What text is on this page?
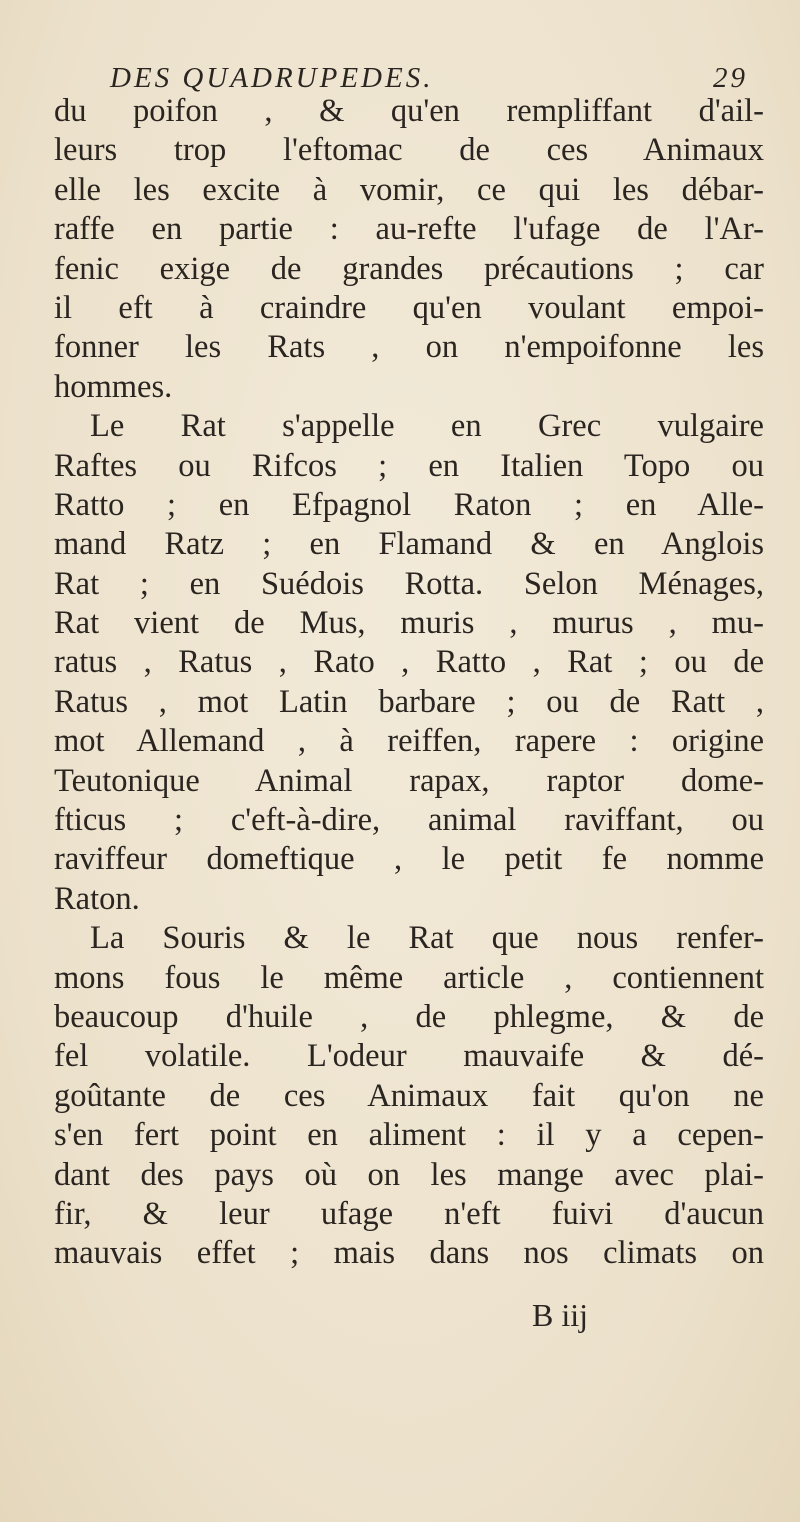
DES QUADRUPEDES.	29
du poifon , & qu'en rempliffant d'ail-
leurs trop l'eftomac de ces Animaux
elle les excite à vomir, ce qui les débar-
raffe en partie : au-refte l'ufage de l'Ar-
fenic exige de grandes précautions ; car
il eft à craindre qu'en voulant empoi-
fonner les Rats , on n'empoifonne les
hommes.
Le Rat s'appelle en Grec vulgaire
Raftes ou Rifcos ; en Italien Topo ou
Ratto ; en Efpagnol Raton ; en Alle-
mand Ratz ; en Flamand & en Anglois
Rat ; en Suédois Rotta. Selon Ménages,
Rat vient de Mus, muris , murus , mu-
ratus , Ratus , Rato , Ratto , Rat ; ou de
Ratus , mot Latin barbare ; ou de Ratt ,
mot Allemand , à reiffen, rapere : origine
Teutonique Animal rapax, raptor dome-
fticus ; c'eft-à-dire, animal raviffant, ou
raviffeur domeftique , le petit fe nomme
Raton.
La Souris & le Rat que nous renfer-
mons fous le même article , contiennent
beaucoup d'huile , de phlegme, & de
fel volatile. L'odeur mauvaife & dé-
goûtante de ces Animaux fait qu'on ne
s'en fert point en aliment : il y a cepen-
dant des pays où on les mange avec plai-
fir, & leur ufage n'eft fuivi d'aucun
mauvais effet ; mais dans nos climats on
B iij
